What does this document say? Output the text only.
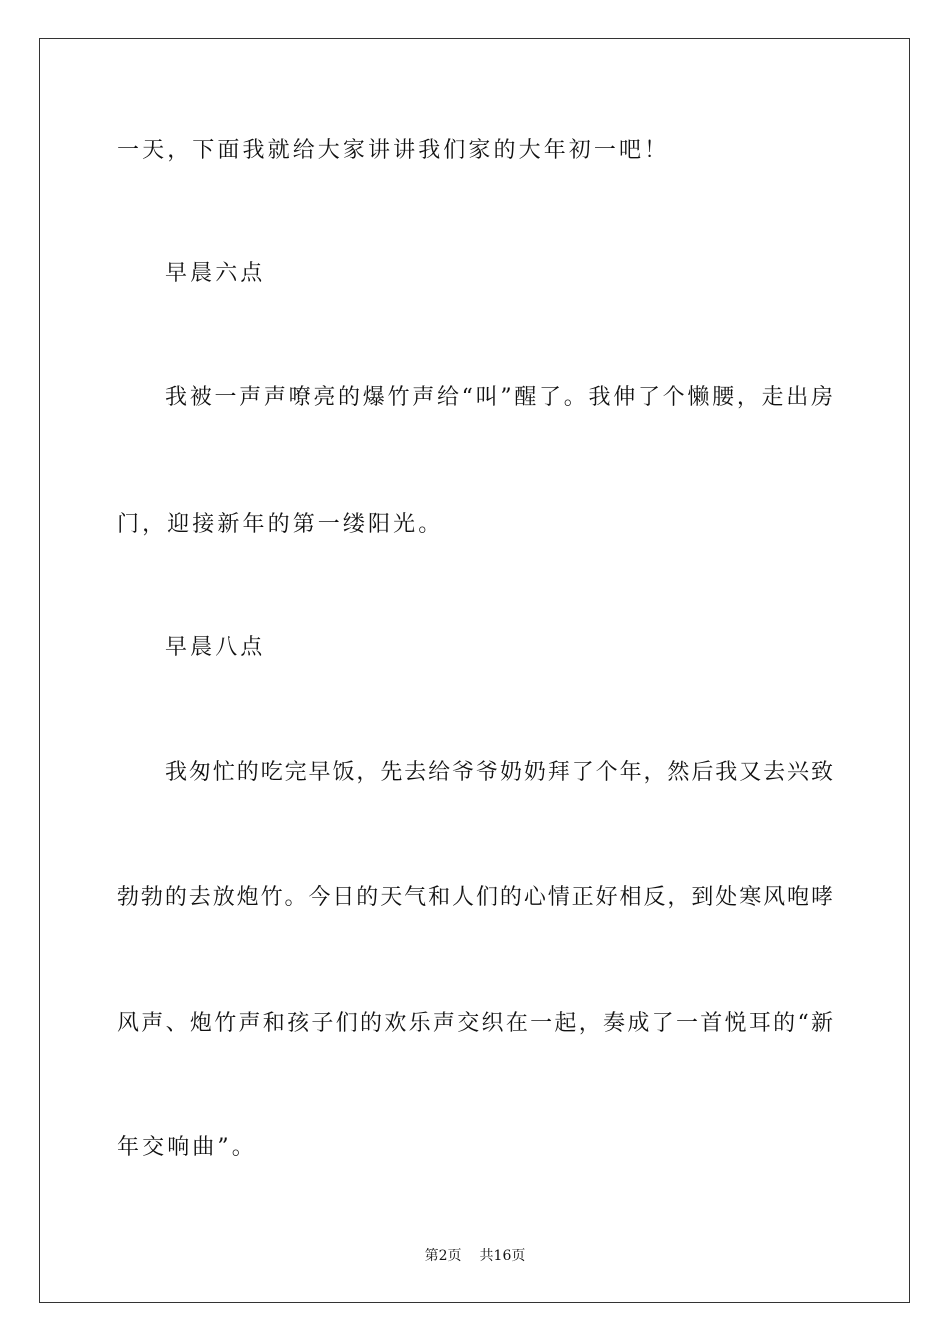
一天，下面我就给大家讲讲我们家的大年初一吧！
早晨六点
我被一声声嘹亮的爆竹声给“叫”醒了。我伸了个懒腰，走出房
门，迎接新年的第一缕阳光。
早晨八点
我匆忙的吃完早饭，先去给爷爷奶奶拜了个年，然后我又去兴致
勃勃的去放炮竹。今日的天气和人们的心情正好相反，到处寒风咆哮
风声、炮竹声和孩子们的欢乐声交织在一起，奏成了一首悦耳的“新
年交响曲”。
第2页 共16页
